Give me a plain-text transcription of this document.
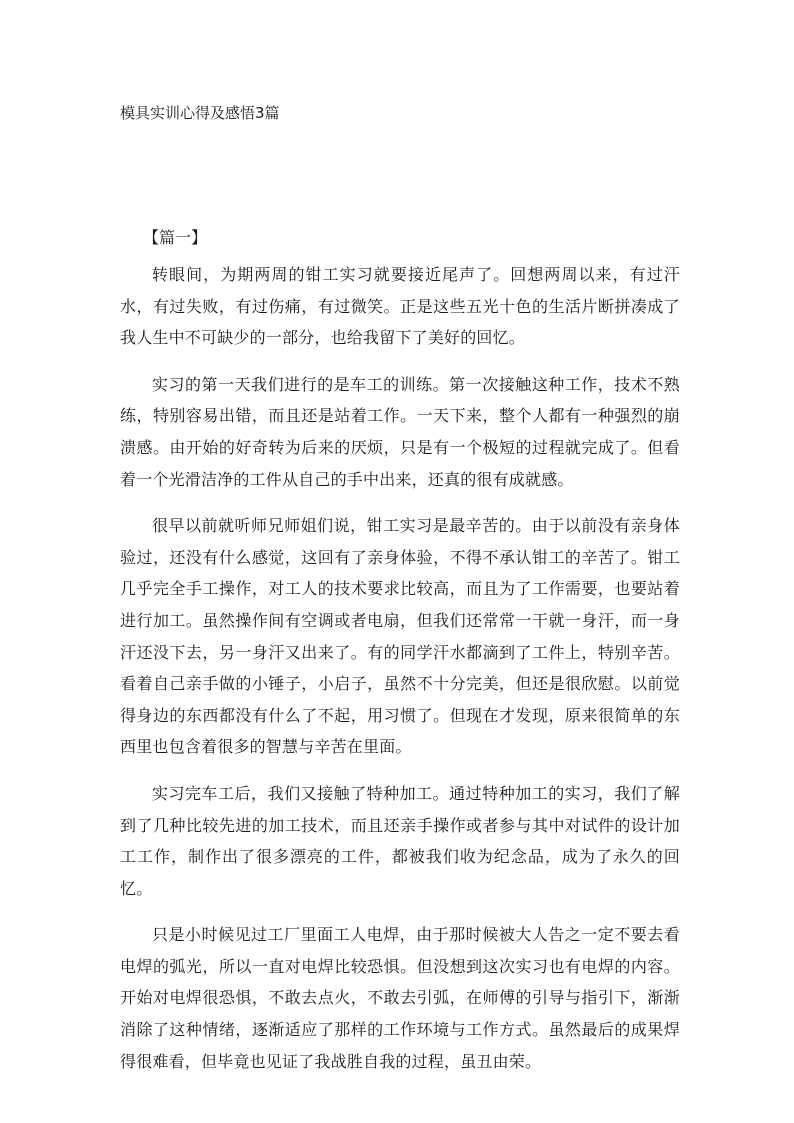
模具实训心得及感悟3篇
【篇一】

转眼间，为期两周的钳工实习就要接近尾声了。回想两周以来，有过汗水，有过失败，有过伤痛，有过微笑。正是这些五光十色的生活片断拼凑成了我人生中不可缺少的一部分，也给我留下了美好的回忆。

实习的第一天我们进行的是车工的训练。第一次接触这种工作，技术不熟练，特别容易出错，而且还是站着工作。一天下来，整个人都有一种强烈的崩溃感。由开始的好奇转为后来的厌烦，只是有一个极短的过程就完成了。但看着一个光滑洁净的工件从自己的手中出来，还真的很有成就感。

很早以前就听师兄师姐们说，钳工实习是最辛苦的。由于以前没有亲身体验过，还没有什么感觉，这回有了亲身体验，不得不承认钳工的辛苦了。钳工几乎完全手工操作，对工人的技术要求比较高，而且为了工作需要，也要站着进行加工。虽然操作间有空调或者电扇，但我们还常常一干就一身汗，而一身汗还没下去，另一身汗又出来了。有的同学汗水都滴到了工件上，特别辛苦。看着自己亲手做的小锤子，小启子，虽然不十分完美，但还是很欣慰。以前觉得身边的东西都没有什么了不起，用习惯了。但现在才发现，原来很简单的东西里也包含着很多的智慧与辛苦在里面。

实习完车工后，我们又接触了特种加工。通过特种加工的实习，我们了解到了几种比较先进的加工技术，而且还亲手操作或者参与其中对试件的设计加工工作，制作出了很多漂亮的工件，都被我们收为纪念品，成为了永久的回忆。

只是小时候见过工厂里面工人电焊，由于那时候被大人告之一定不要去看电焊的弧光，所以一直对电焊比较恐惧。但没想到这次实习也有电焊的内容。开始对电焊很恐惧，不敢去点火，不敢去引弧，在师傅的引导与指引下，渐渐消除了这种情绪，逐渐适应了那样的工作环境与工作方式。虽然最后的成果焊得很难看，但毕竟也见证了我战胜自我的过程，虽丑由荣。
